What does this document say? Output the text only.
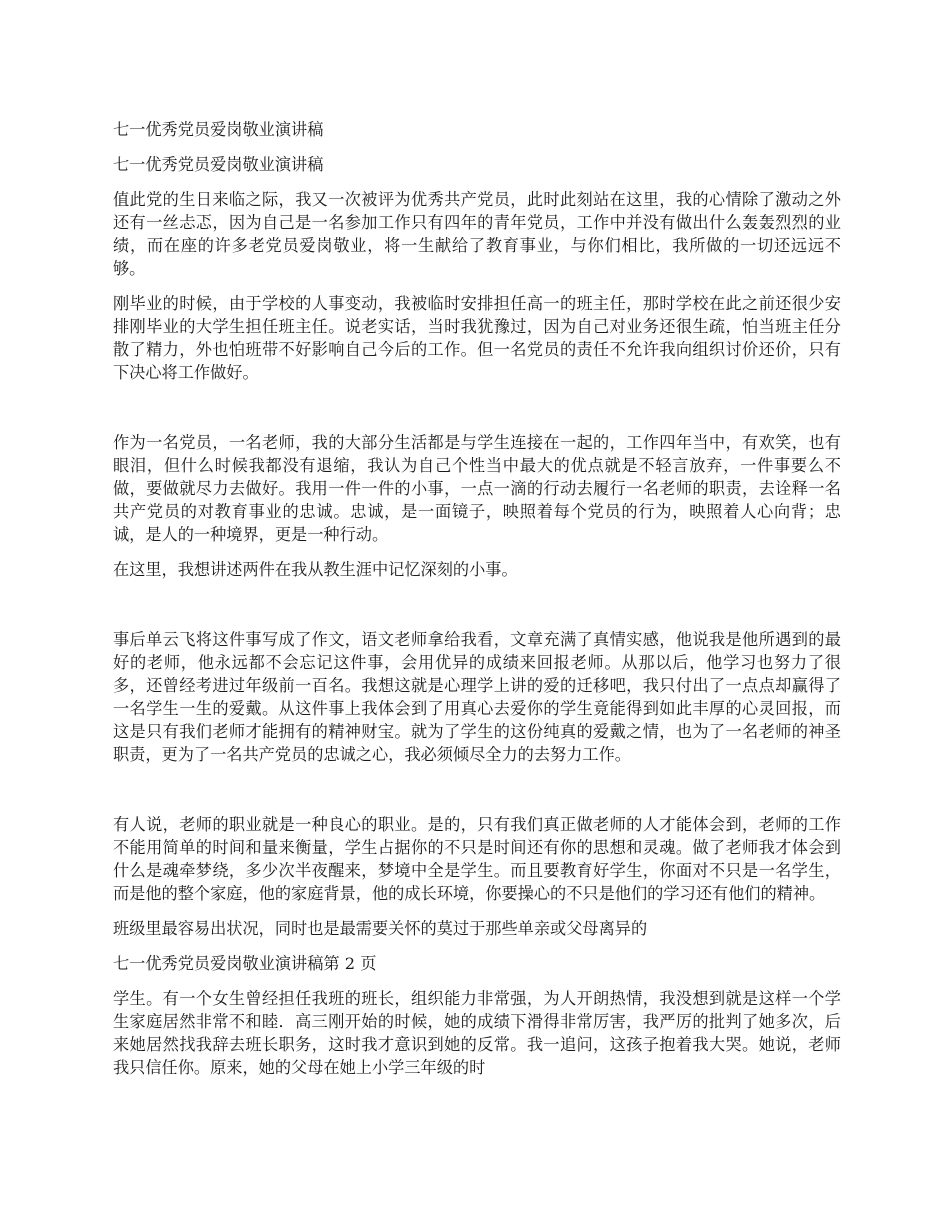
七一优秀党员爱岗敬业演讲稿

七一优秀党员爱岗敬业演讲稿

值此党的生日来临之际，我又一次被评为优秀共产党员，此时此刻站在这里，我的心情除了激动之外还有一丝忐忑，因为自己是一名参加工作只有四年的青年党员，工作中并没有做出什么轰轰烈烈的业绩，而在座的许多老党员爱岗敬业，将一生献给了教育事业，与你们相比，我所做的一切还远远不够。

刚毕业的时候，由于学校的人事变动，我被临时安排担任高一的班主任，那时学校在此之前还很少安排刚毕业的大学生担任班主任。说老实话，当时我犹豫过，因为自己对业务还很生疏，怕当班主任分散了精力，外也怕班带不好影响自己今后的工作。但一名党员的责任不允许我向组织讨价还价，只有下决心将工作做好。

作为一名党员，一名老师，我的大部分生活都是与学生连接在一起的，工作四年当中，有欢笑，也有眼泪，但什么时候我都没有退缩，我认为自己个性当中最大的优点就是不轻言放弃，一件事要么不做，要做就尽力去做好。我用一件一件的小事，一点一滴的行动去履行一名老师的职责，去诠释一名共产党员的对教育事业的忠诚。忠诚，是一面镜子，映照着每个党员的行为，映照着人心向背；忠诚，是人的一种境界，更是一种行动。

在这里，我想讲述两件在我从教生涯中记忆深刻的小事。

事后单云飞将这件事写成了作文，语文老师拿给我看，文章充满了真情实感，他说我是他所遇到的最好的老师，他永远都不会忘记这件事，会用优异的成绩来回报老师。从那以后，他学习也努力了很多，还曾经考进过年级前一百名。我想这就是心理学上讲的爱的迁移吧，我只付出了一点点却赢得了一名学生一生的爱戴。从这件事上我体会到了用真心去爱你的学生竟能得到如此丰厚的心灵回报，而这是只有我们老师才能拥有的精神财宝。就为了学生的这份纯真的爱戴之情，也为了一名老师的神圣职责，更为了一名共产党员的忠诚之心，我必须倾尽全力的去努力工作。

有人说，老师的职业就是一种良心的职业。是的，只有我们真正做老师的人才能体会到，老师的工作不能用简单的时间和量来衡量，学生占据你的不只是时间还有你的思想和灵魂。做了老师我才体会到什么是魂牵梦绕，多少次半夜醒来，梦境中全是学生。而且要教育好学生，你面对不只是一名学生，而是他的整个家庭，他的家庭背景，他的成长环境，你要操心的不只是他们的学习还有他们的精神。

班级里最容易出状况，同时也是最需要关怀的莫过于那些单亲或父母离异的

七一优秀党员爱岗敬业演讲稿第 2 页

学生。有一个女生曾经担任我班的班长，组织能力非常强，为人开朗热情，我没想到就是这样一个学生家庭居然非常不和睦．高三刚开始的时候，她的成绩下滑得非常厉害，我严厉的批判了她多次，后来她居然找我辞去班长职务，这时我才意识到她的反常。我一追问，这孩子抱着我大哭。她说，老师我只信任你。原来，她的父母在她上小学三年级的时
